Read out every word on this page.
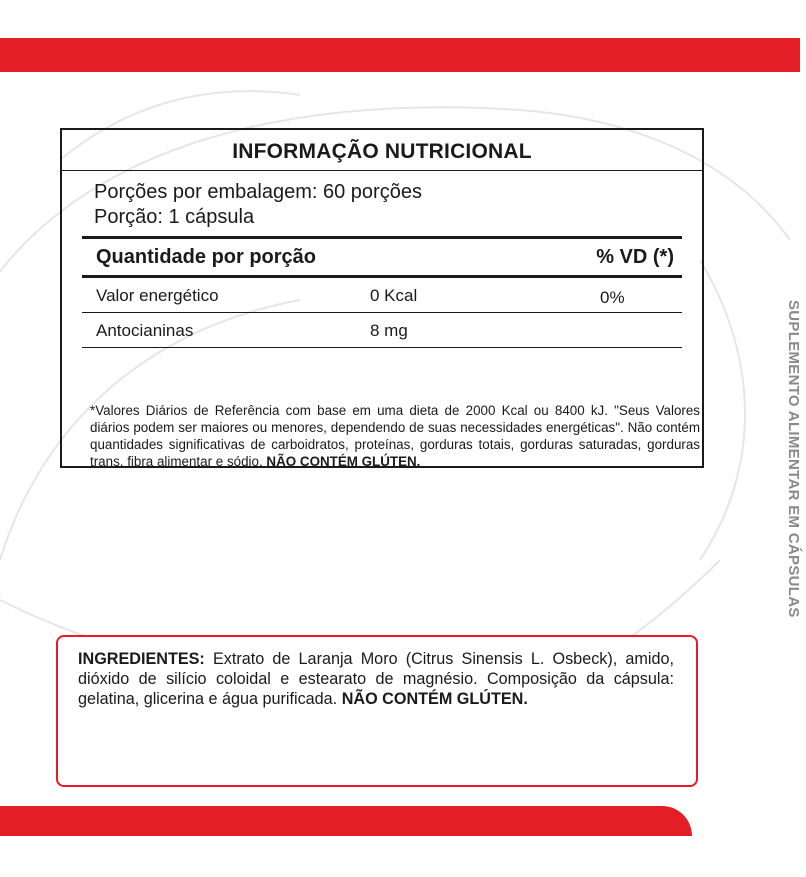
SUPLEMENTO ALIMENTAR EM CÁPSULAS
INFORMAÇÃO NUTRICIONAL
Porções por embalagem: 60 porções
Porção: 1 cápsula
Quantidade por porção	% VD (*)
Valor energético	0 Kcal	0%
Antocianinas	8 mg
*Valores Diários de Referência com base em uma dieta de 2000 Kcal ou 8400 kJ. "Seus Valores diários podem ser maiores ou menores, dependendo de suas necessidades energéticas". Não contém quantidades significativas de carboidratos, proteínas, gorduras totais, gorduras saturadas, gorduras trans, fibra alimentar e sódio. NÃO CONTÉM GLÚTEN.
INGREDIENTES: Extrato de Laranja Moro (Citrus Sinensis L. Osbeck), amido, dióxido de silício coloidal e estearato de magnésio. Composição da cápsula: gelatina, glicerina e água purificada. NÃO CONTÉM GLÚTEN.
